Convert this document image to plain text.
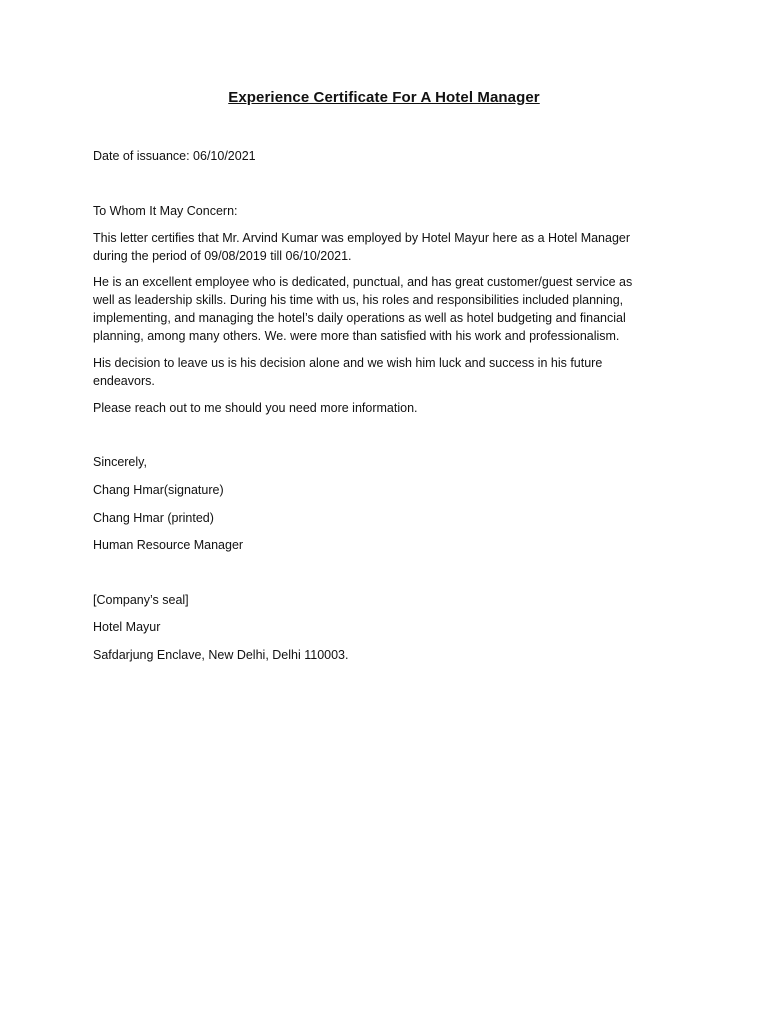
Experience Certificate For A Hotel Manager
Date of issuance: 06/10/2021
To Whom It May Concern:
This letter certifies that Mr. Arvind Kumar was employed by Hotel Mayur here as a Hotel Manager
during the period of 09/08/2019 till 06/10/2021.
He is an excellent employee who is dedicated, punctual, and has great customer/guest service as
well as leadership skills. During his time with us, his roles and responsibilities included planning,
implementing, and managing the hotel’s daily operations as well as hotel budgeting and financial
planning, among many others. We. were more than satisfied with his work and professionalism.
His decision to leave us is his decision alone and we wish him luck and success in his future
endeavors.
Please reach out to me should you need more information.
Sincerely,
Chang Hmar(signature)
Chang Hmar (printed)
Human Resource Manager
[Company’s seal]
Hotel Mayur
Safdarjung Enclave, New Delhi, Delhi 110003.
